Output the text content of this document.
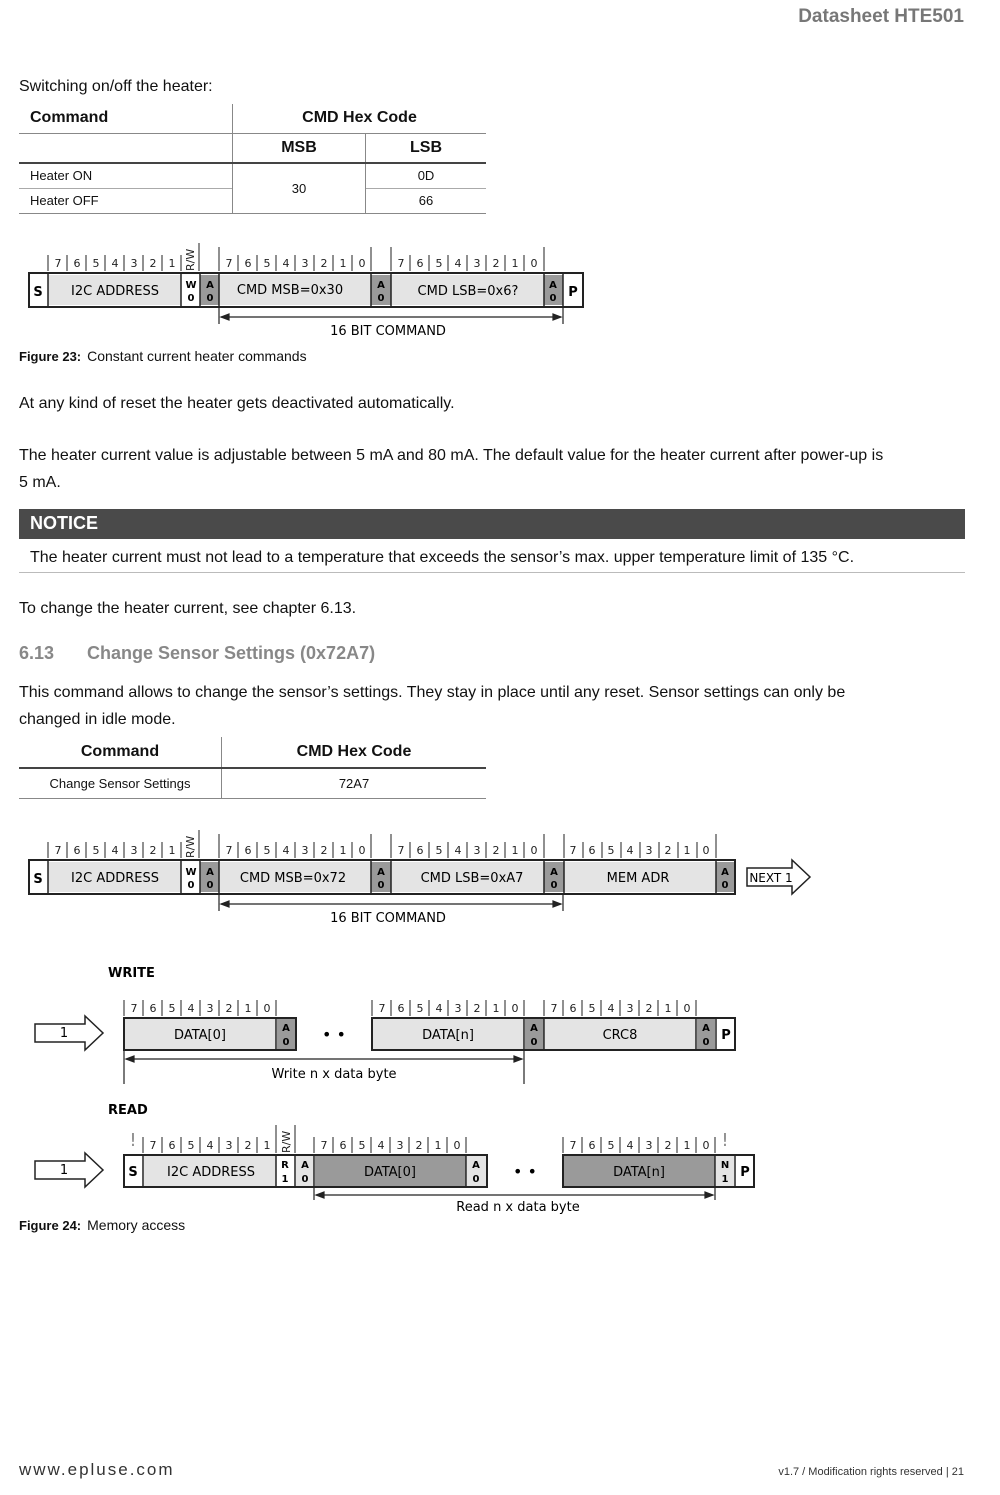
Datasheet HTE501
Switching on/off the heater:
Command	CMD Hex Code	
	MSB	LSB
Heater ON	30	0D
Heater OFF		66
7 6 5 4 3 2 1	7 6 5 4 3 2 1 0	7 6 5 4 3 2 1 0
R/W
S	P
I2C ADDRESS	W
0
A
0
CMD MSB=0x30	A
0	CMD LSB=0x6?	A
0
16 BIT COMMAND
Figure 23: Constant current heater commands
At any kind of reset the heater gets deactivated automatically.
The heater current value is adjustable between 5 mA and 80 mA. The default value for the heater current after power-up is
5 mA.
NOTICE
The heater current must not lead to a temperature that exceeds the sensor’s max. upper temperature limit of 135 °C.
To change the heater current, see chapter 6.13.
6.13 Change Sensor Settings (0x72A7)
This command allows to change the sensor’s settings. They stay in place until any reset. Sensor settings can only be
changed in idle mode.
Command	CMD Hex Code
Change Sensor Settings	72A7
7 6 5 4 3 2 1	7 6 5 4 3 2 1 0	7 6 5 4 3 2 1 0	7 6 5 4 3 2 1 0
R/W
S I2C ADDRESS	W
0
A
0 CMD MSB=0x72	A
0	CMD LSB=0xA7	A
0	MEM ADR	A
0
NEXT 1
16 BIT COMMAND
WRITE
7 6 5 4 3 2 1 0	7 6 5 4 3 2 1 0	7 6 5 4 3 2 1 0
1	DATA[0]	A
0 • •	DATA[n]	A
0	CRC8	A
0 P
Write n x data byte
READ
!	!
7 6 5 4 3 2 1	7 6 5 4 3 2 1 0	7 6 5 4 3 2 1 0
R/W
1	S I2C ADDRESS	R
1
A
0	DATA[0]	A
0 • •	DATA[n]	N
1 P
Read n x data byte
Figure 24: Memory access
www.epluse.com	v1.7 / Modification rights reserved | 21
